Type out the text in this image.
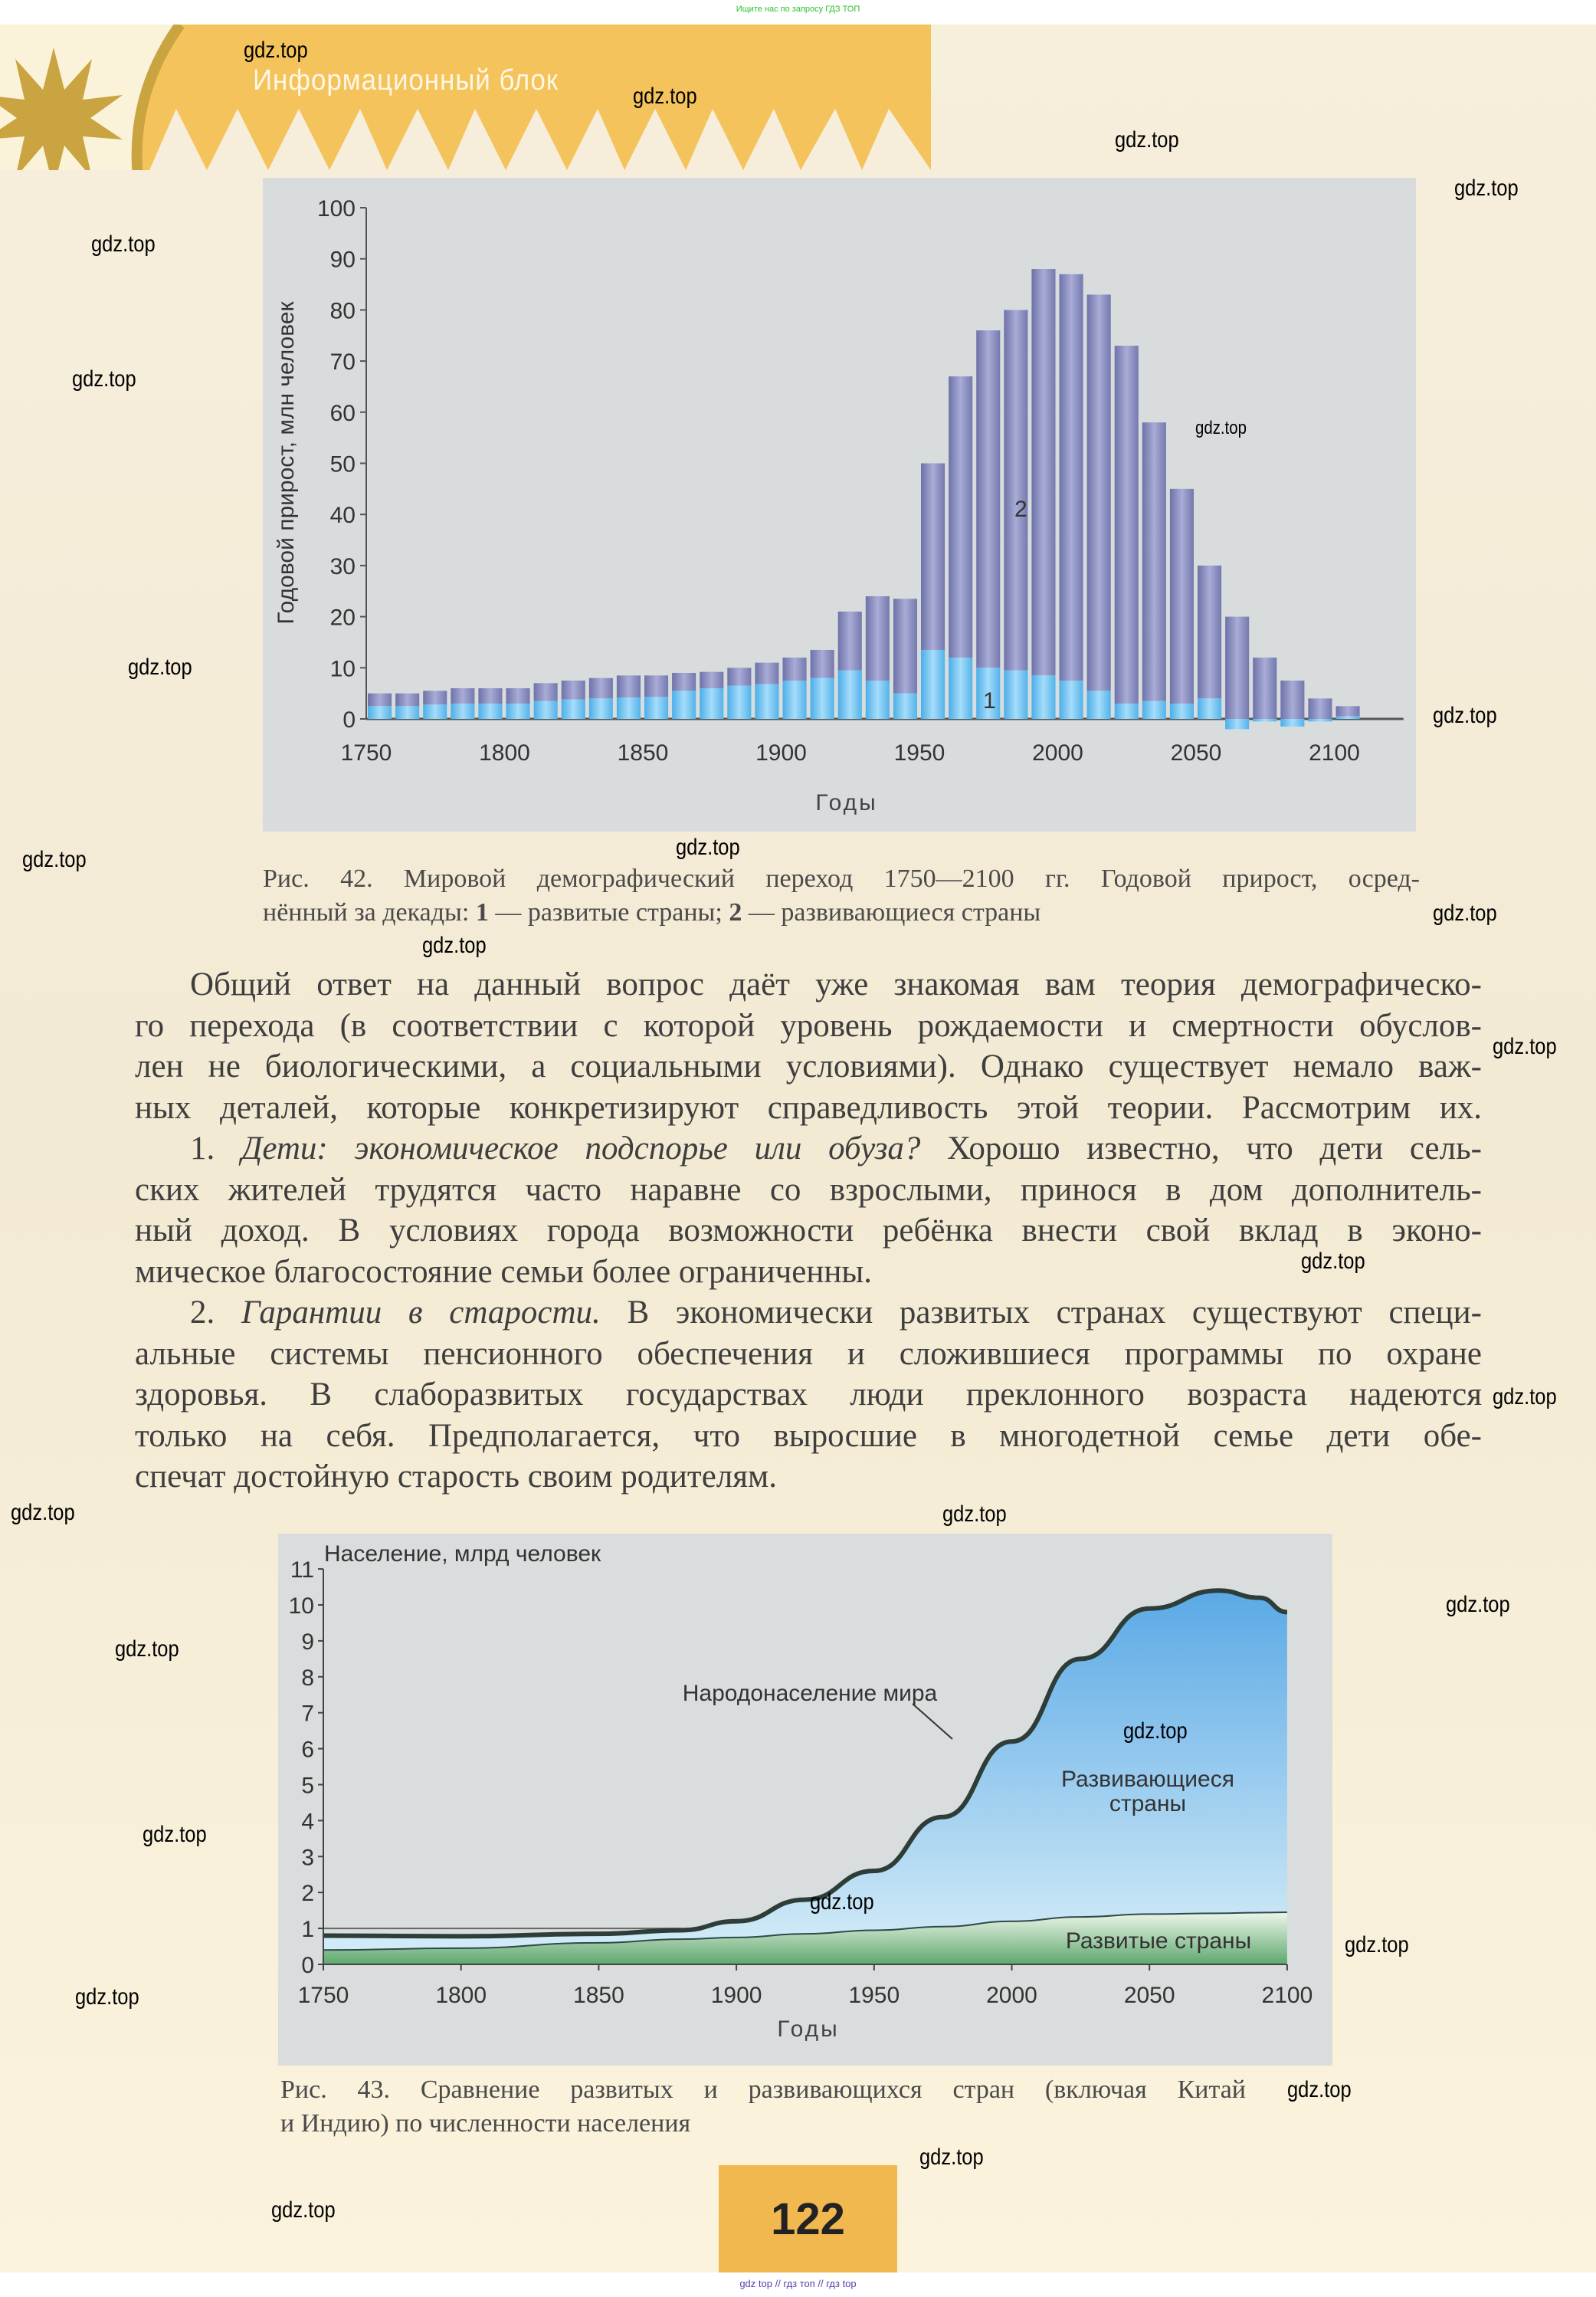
Ищите нас по запросу ГДЗ ТОП
Информационный блок
0
10
20
30
40
50
60
70
80
90
100
1750	1800	1850	1900	1950	2000	2050	2100
2
1
Годы
Годовой прирост, млн человек
Рис. 42. Мировой демографический переход 1750—2100 гг. Годовой прирост, осред-
нённый за декады: 1 — развитые страны; 2 — развивающиеся страны
Общий ответ на данный вопрос даёт уже знакомая вам теория демографическо-
го перехода (в соответствии с которой уровень рождаемости и смертности обуслов-
лен не биологическими, а социальными условиями). Однако существует немало важ-
ных деталей, которые конкретизируют справедливость этой теории. Рассмотрим их.
1. Дети: экономическое подспорье или обуза? Хорошо известно, что дети сель-
ских жителей трудятся часто наравне со взрослыми, принося в дом дополнитель-
ный доход. В условиях города возможности ребёнка внести свой вклад в эконо-
мическое благосостояние семьи более ограниченны.
2. Гарантии в старости. В экономически развитых странах существуют специ-
альные системы пенсионного обеспечения и сложившиеся программы по охране
здоровья. В слаборазвитых государствах люди преклонного возраста надеются
только на себя. Предполагается, что выросшие в многодетной семье дети обе-
спечат достойную старость своим родителям.
0
1
2
3
4
5
6
7
8
9
10
11
1750	1800	1850	1900	1950	2000	2050	2100
Население, млрд человек
Народонаселение мира
Развивающиеся
страны
Развитые страны
Годы
Рис. 43. Сравнение развитых и развивающихся стран (включая Китай
и Индию) по численности населения
122
gdz top // гдз топ // гдз top
gdz.top
gdz.top
gdz.top
gdz.top
gdz.top
gdz.top
gdz.top
gdz.top
gdz.top
gdz.top
gdz.top
gdz.top
gdz.top
gdz.top
gdz.top
gdz.top
gdz.top
gdz.top
gdz.top
gdz.top
gdz.top
gdz.top
gdz.top
gdz.top
gdz.top
gdz.top
gdz.top
gdz.top
